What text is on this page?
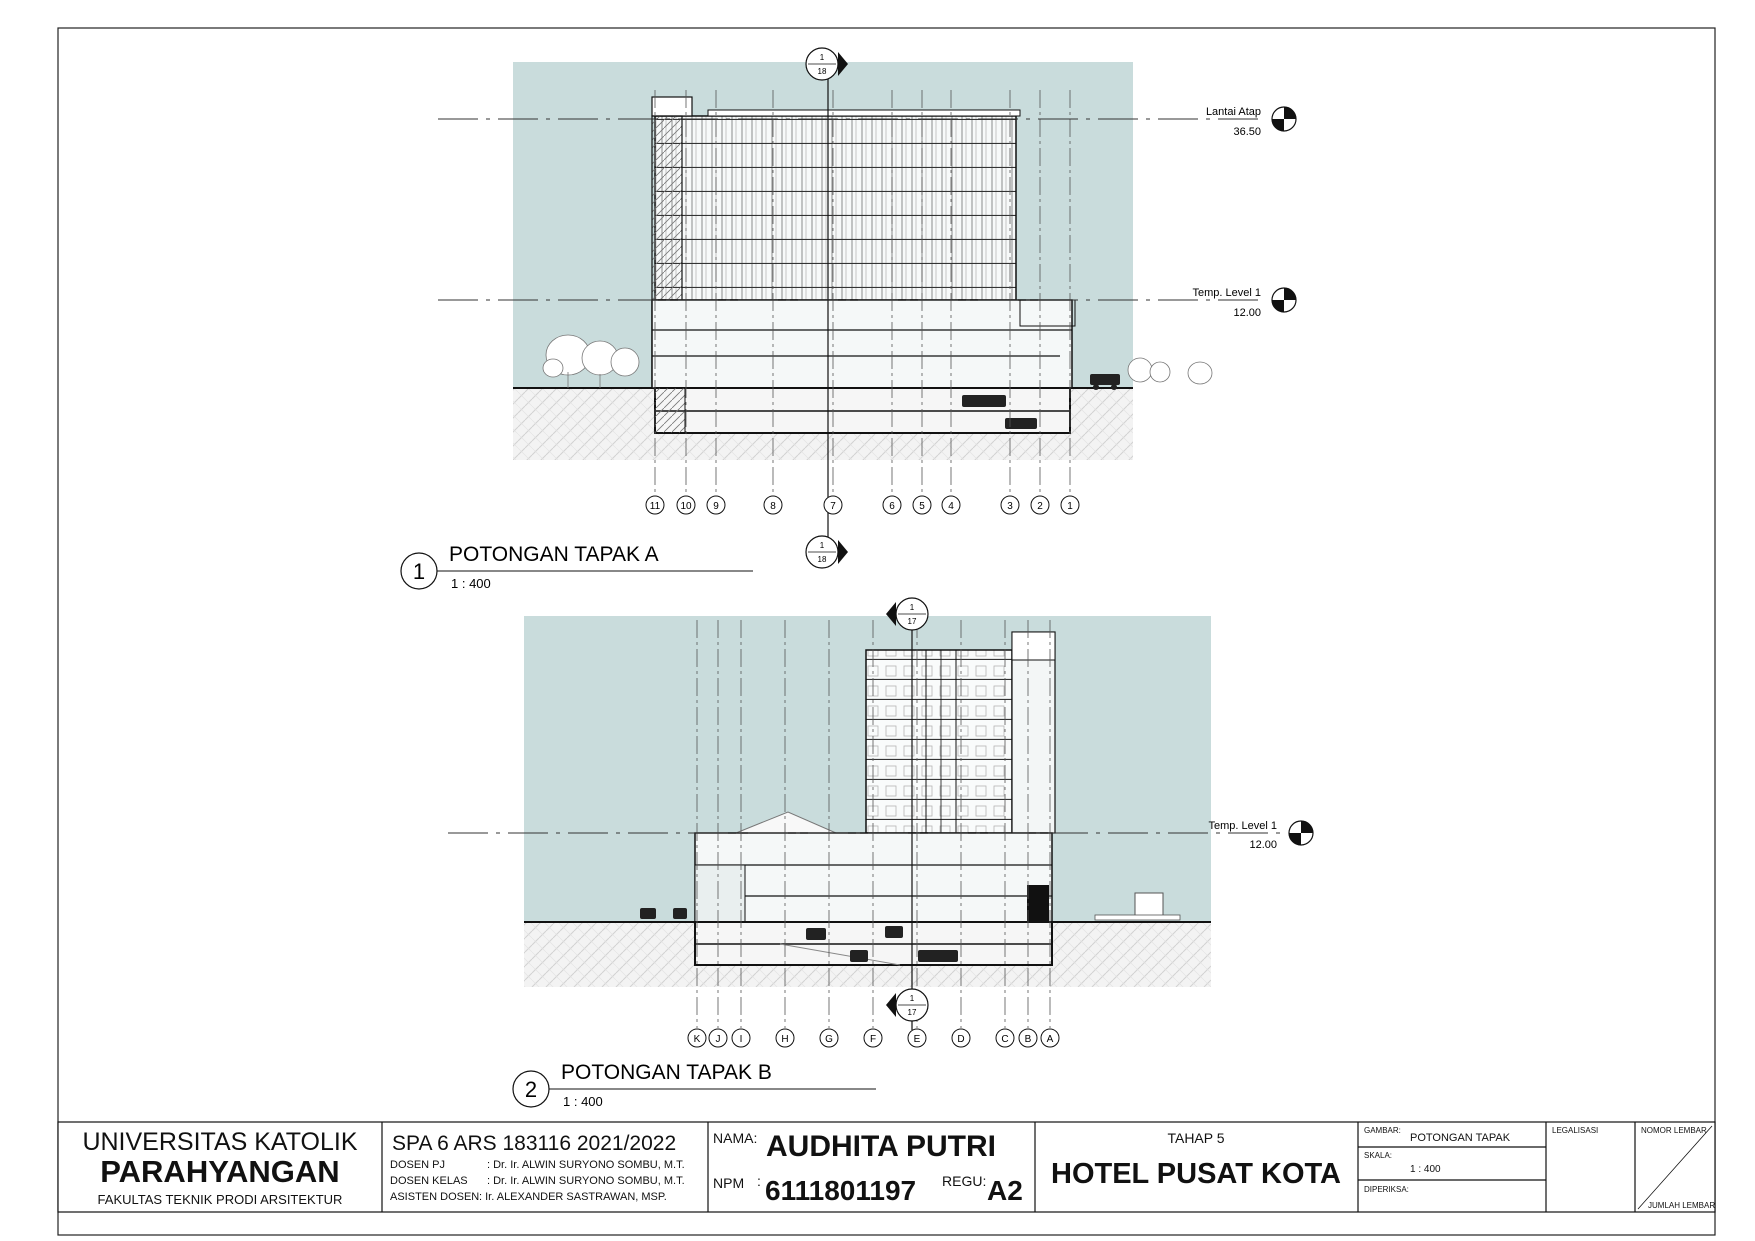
Lantai Atap
36.50
Temp. Level 1
12.00
1
18
1
18
11 10 9	8	7	6 5 4	3 2 1
1
POTONGAN TAPAK A
1 : 400
Temp. Level 1
12.00
1
17
1
17
K J I	H	G	F	E	D	C B A
2
POTONGAN TAPAK B
1 : 400
UNIVERSITAS KATOLIK
PARAHYANGAN
FAKULTAS TEKNIK PRODI ARSITEKTUR
SPA 6 ARS 183116 2021/2022
DOSEN PJ	: Dr. Ir. ALWIN SURYONO SOMBU, M.T.
DOSEN KELAS : Dr. Ir. ALWIN SURYONO SOMBU, M.T.
ASISTEN DOSEN : Ir. ALEXANDER SASTRAWAN, MSP.
NAMA: AUDHITA PUTRI
NPM : 6111801197 REGU: A2
TAHAP 5
HOTEL PUSAT KOTA
GAMBAR:
POTONGAN TAPAK
SKALA:
1 : 400
DIPERIKSA:
LEGALISASI	NOMOR LEMBAR
JUMLAH LEMBAR
